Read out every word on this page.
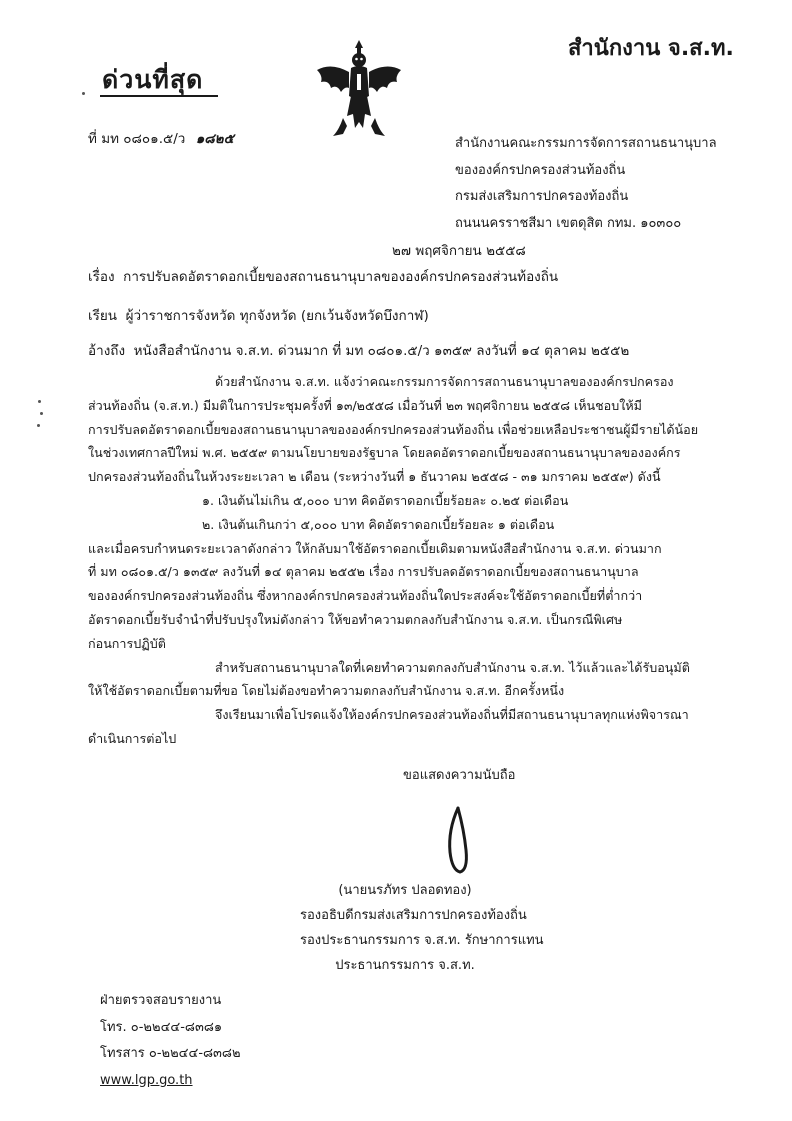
ด่วนที่สุด
สำนักงาน จ.ส.ท.
ที่ มท ๐๘๐๑.๕/ว ๑๘๒๕	สำนักงานคณะกรรมการจัดการสถานธนานุบาล
ขององค์กรปกครองส่วนท้องถิ่น
กรมส่งเสริมการปกครองท้องถิ่น
ถนนนครราชสีมา เขตดุสิต กทม. ๑๐๓๐๐
๒๗ พฤศจิกายน ๒๕๕๘
เรื่อง การปรับลดอัตราดอกเบี้ยของสถานธนานุบาลขององค์กรปกครองส่วนท้องถิ่น
เรียน ผู้ว่าราชการจังหวัด ทุกจังหวัด (ยกเว้นจังหวัดบึงกาฬ)
อ้างถึง หนังสือสำนักงาน จ.ส.ท. ด่วนมาก ที่ มท ๐๘๐๑.๕/ว ๑๓๕๙ ลงวันที่ ๑๔ ตุลาคม ๒๕๕๒
ด้วยสำนักงาน จ.ส.ท. แจ้งว่าคณะกรรมการจัดการสถานธนานุบาลขององค์กรปกครอง
ส่วนท้องถิ่น (จ.ส.ท.) มีมติในการประชุมครั้งที่ ๑๓/๒๕๕๘ เมื่อวันที่ ๒๓ พฤศจิกายน ๒๕๕๘ เห็นชอบให้มี
การปรับลดอัตราดอกเบี้ยของสถานธนานุบาลขององค์กรปกครองส่วนท้องถิ่น เพื่อช่วยเหลือประชาชนผู้มีรายได้น้อย
ในช่วงเทศกาลปีใหม่ พ.ศ. ๒๕๕๙ ตามนโยบายของรัฐบาล โดยลดอัตราดอกเบี้ยของสถานธนานุบาลขององค์กร
ปกครองส่วนท้องถิ่นในห้วงระยะเวลา ๒ เดือน (ระหว่างวันที่ ๑ ธันวาคม ๒๕๕๘ - ๓๑ มกราคม ๒๕๕๙) ดังนี้
๑. เงินต้นไม่เกิน ๕,๐๐๐ บาท คิดอัตราดอกเบี้ยร้อยละ ๐.๒๕ ต่อเดือน
๒. เงินต้นเกินกว่า ๕,๐๐๐ บาท คิดอัตราดอกเบี้ยร้อยละ ๑ ต่อเดือน
และเมื่อครบกำหนดระยะเวลาดังกล่าว ให้กลับมาใช้อัตราดอกเบี้ยเดิมตามหนังสือสำนักงาน จ.ส.ท. ด่วนมาก
ที่ มท ๐๘๐๑.๕/ว ๑๓๕๙ ลงวันที่ ๑๔ ตุลาคม ๒๕๕๒ เรื่อง การปรับลดอัตราดอกเบี้ยของสถานธนานุบาล
ขององค์กรปกครองส่วนท้องถิ่น ซึ่งหากองค์กรปกครองส่วนท้องถิ่นใดประสงค์จะใช้อัตราดอกเบี้ยที่ต่ำกว่า
อัตราดอกเบี้ยรับจำนำที่ปรับปรุงใหม่ดังกล่าว ให้ขอทำความตกลงกับสำนักงาน จ.ส.ท. เป็นกรณีพิเศษ
ก่อนการปฏิบัติ
สำหรับสถานธนานุบาลใดที่เคยทำความตกลงกับสำนักงาน จ.ส.ท. ไว้แล้วและได้รับอนุมัติ
ให้ใช้อัตราดอกเบี้ยตามที่ขอ โดยไม่ต้องขอทำความตกลงกับสำนักงาน จ.ส.ท. อีกครั้งหนึ่ง
จึงเรียนมาเพื่อโปรดแจ้งให้องค์กรปกครองส่วนท้องถิ่นที่มีสถานธนานุบาลทุกแห่งพิจารณา
ดำเนินการต่อไป
ขอแสดงความนับถือ
(นายนรภัทร ปลอดทอง)
รองอธิบดีกรมส่งเสริมการปกครองท้องถิ่น
รองประธานกรรมการ จ.ส.ท. รักษาการแทน
ประธานกรรมการ จ.ส.ท.
ฝ่ายตรวจสอบรายงาน
โทร. ๐-๒๒๔๔-๘๓๘๑
โทรสาร ๐-๒๒๔๔-๘๓๘๒
www.lgp.go.th
